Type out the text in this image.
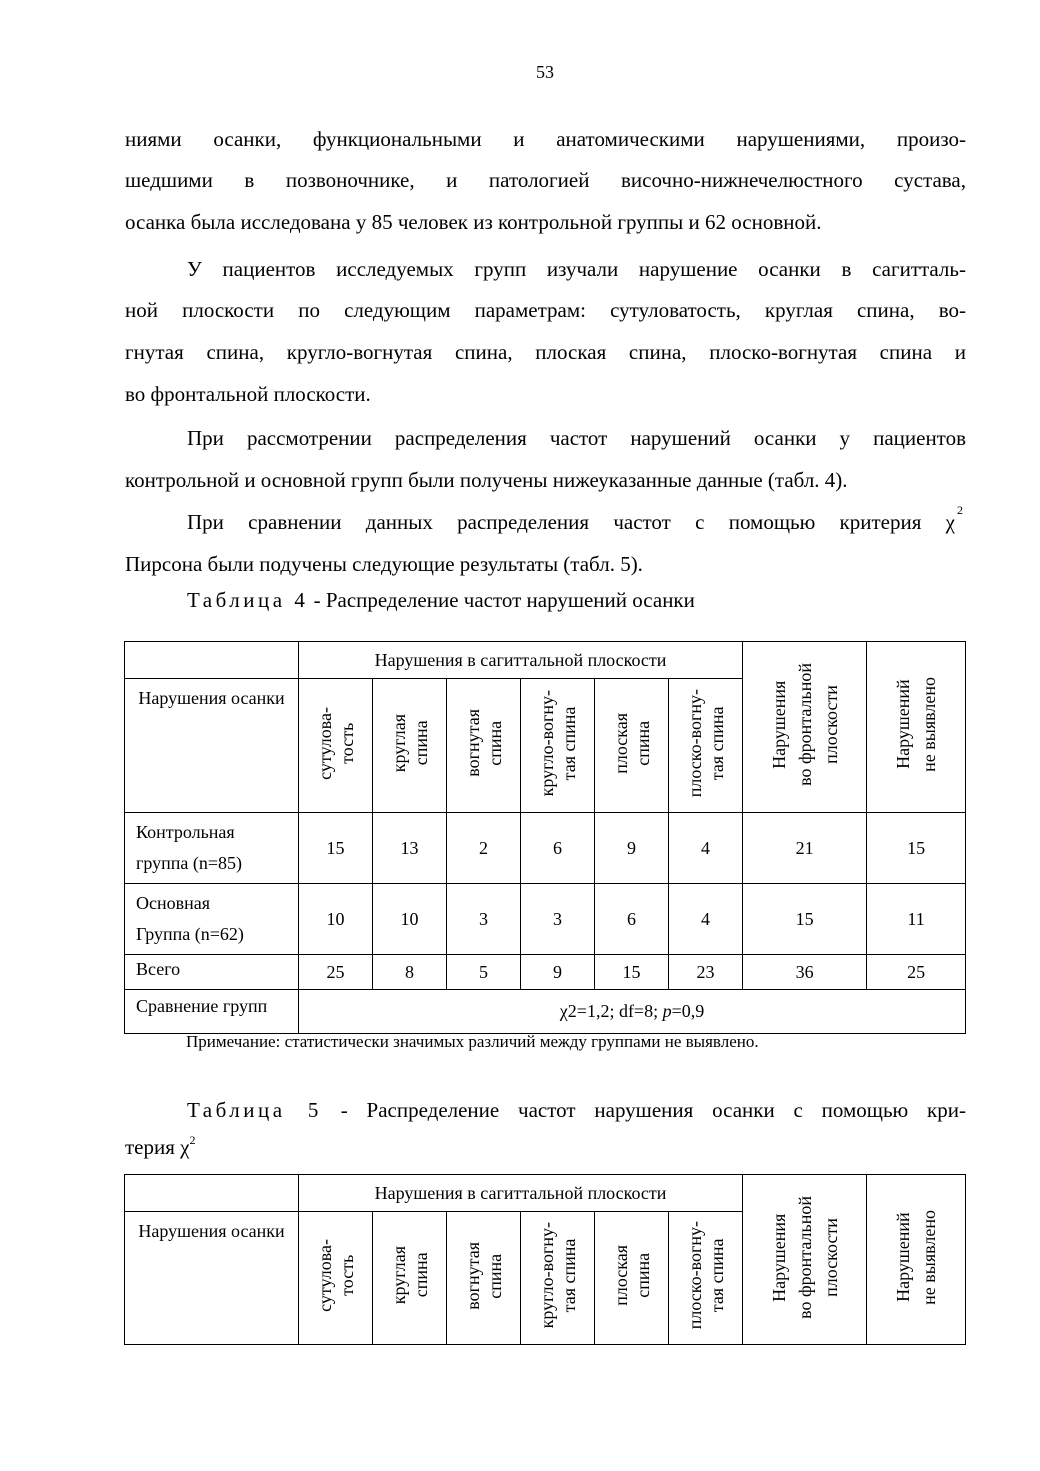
53
ниями осанки, функциональными и анатомическими нарушениями, произо-
шедшими в позвоночнике, и патологией височно-нижнечелюстного сустава,
осанка была исследована у 85 человек из контрольной группы и 62 основной.
У пациентов исследуемых групп изучали нарушение осанки в сагитталь-
ной плоскости по следующим параметрам: сутуловатость, круглая спина, во-
гнутая спина, кругло-вогнутая спина, плоская спина, плоско-вогнутая спина и
во фронтальной плоскости.
При рассмотрении распределения частот нарушений осанки у пациентов
контрольной и основной групп были получены нижеуказанные данные (табл. 4).
При сравнении данных распределения частот с помощью критерия χ 2
Пирсона были подучены следующие результаты (табл. 5).
Таблица 4 - Распределение частот нарушений осанки
	Нарушения в сагиттальной плоскости						Нарушения во фронтальной плоскости	Нарушений не выявлено
Нарушения осанки	сутулова- тость	круглая спина	вогнутая спина	кругло-вогну- тая спина	плоская спина	плоско-вогну- тая спина		
Контрольная
группа (n=85)	15	13	2	6	9	4	21	15
Основная
Группа (n=62)	10	10	3	3	6	4	15	11
Всего	25	8	5	9	15	23	36	25
Сравнение групп	χ2=1,2; df=8; p=0,9							
Примечание: статистически значимых различий между группами не выявлено.
Таблица 5 - Распределение частот нарушения осанки с помощью кри-
терия $\chi^2$
	Нарушения в сагиттальной плоскости						Нарушения во фронтальной плоскости	Нарушений не выявлено
Нарушения осанки	сутулова- тость	круглая спина	вогнутая спина	кругло-вогну- тая спина	плоская спина	плоско-вогну- тая спина		
